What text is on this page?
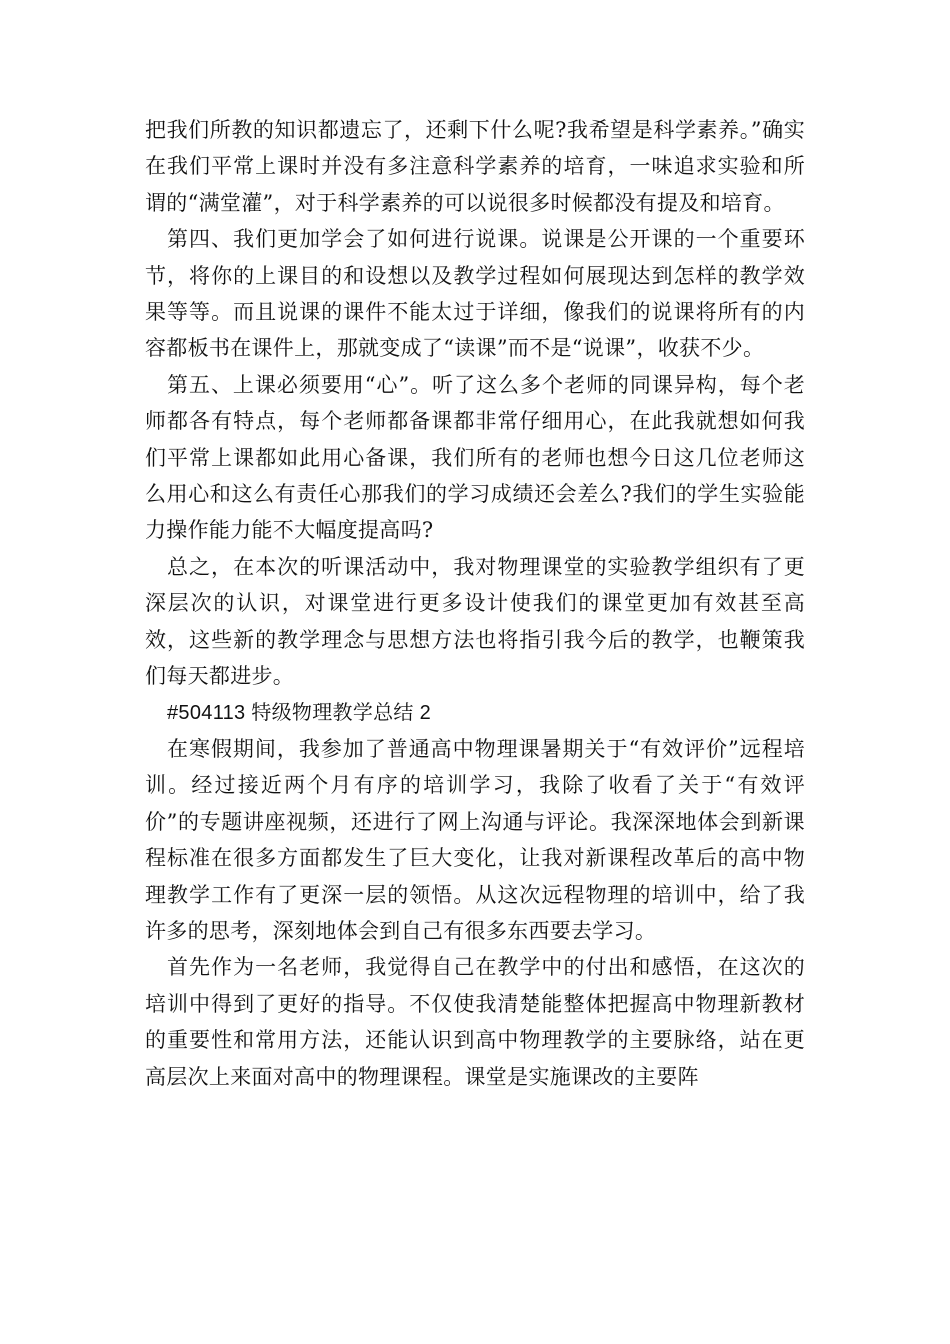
把我们所教的知识都遗忘了，还剩下什么呢?我希望是科学素养。”确实在我们平常上课时并没有多注意科学素养的培育，一味追求实验和所谓的“满堂灌”，对于科学素养的可以说很多时候都没有提及和培育。

第四、我们更加学会了如何进行说课。说课是公开课的一个重要环节，将你的上课目的和设想以及教学过程如何展现达到怎样的教学效果等等。而且说课的课件不能太过于详细，像我们的说课将所有的内容都板书在课件上，那就变成了“读课”而不是“说课”，收获不少。

第五、上课必须要用“心”。听了这么多个老师的同课异构，每个老师都各有特点，每个老师都备课都非常仔细用心，在此我就想如何我们平常上课都如此用心备课，我们所有的老师也想今日这几位老师这么用心和这么有责任心那我们的学习成绩还会差么?我们的学生实验能力操作能力能不大幅度提高吗?

总之，在本次的听课活动中，我对物理课堂的实验教学组织有了更深层次的认识，对课堂进行更多设计使我们的课堂更加有效甚至高效，这些新的教学理念与思想方法也将指引我今后的教学，也鞭策我们每天都进步。

#504113 特级物理教学总结 2

在寒假期间，我参加了普通高中物理课暑期关于“有效评价”远程培训。经过接近两个月有序的培训学习，我除了收看了关于“有效评价”的专题讲座视频，还进行了网上沟通与评论。我深深地体会到新课程标准在很多方面都发生了巨大变化，让我对新课程改革后的高中物理教学工作有了更深一层的领悟。从这次远程物理的培训中，给了我许多的思考，深刻地体会到自己有很多东西要去学习。

首先作为一名老师，我觉得自己在教学中的付出和感悟，在这次的培训中得到了更好的指导。不仅使我清楚能整体把握高中物理新教材的重要性和常用方法，还能认识到高中物理教学的主要脉络，站在更高层次上来面对高中的物理课程。课堂是实施课改的主要阵
